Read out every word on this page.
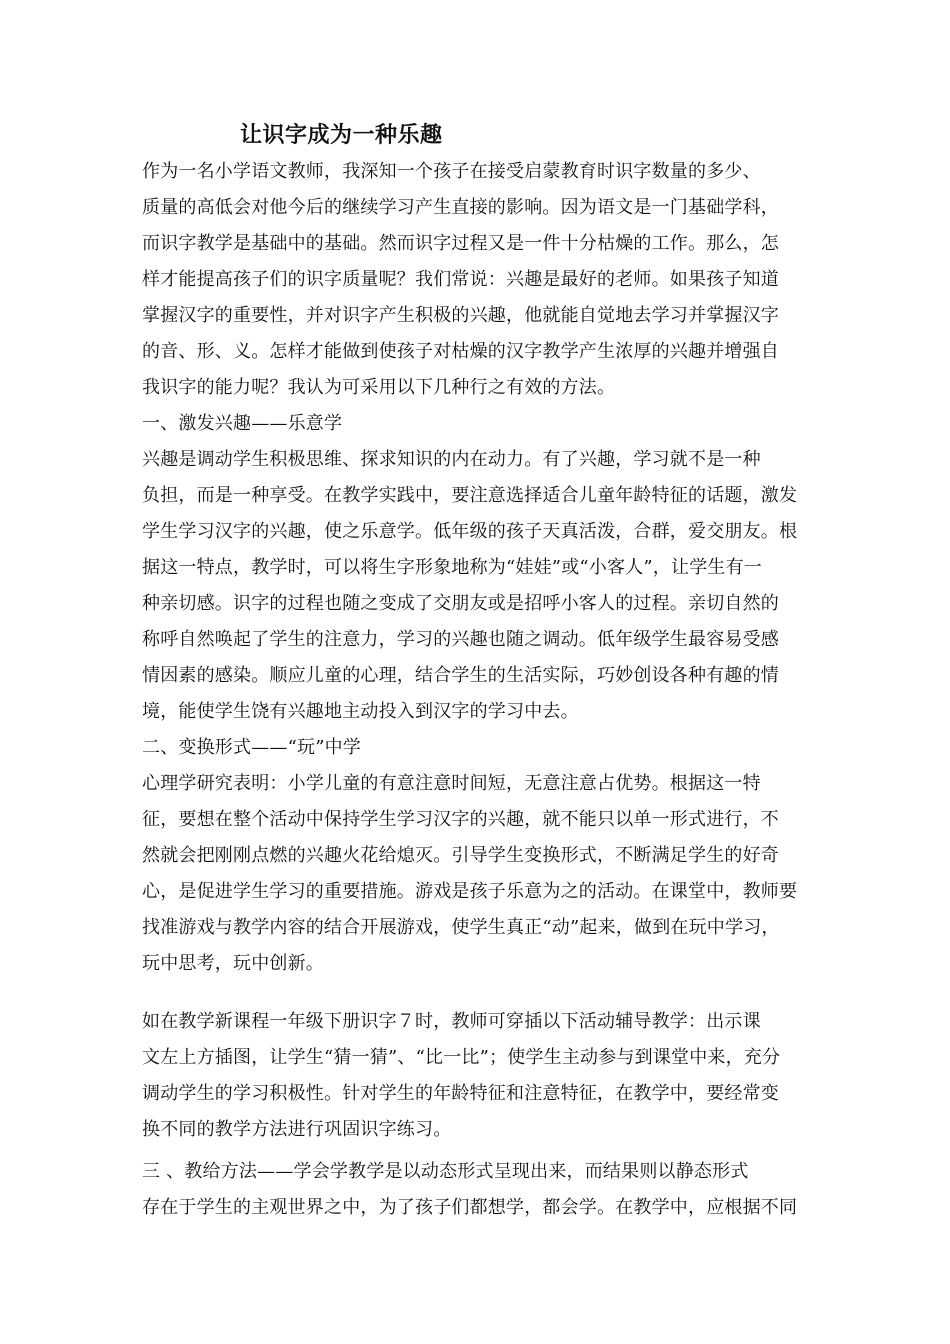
让识字成为一种乐趣
作为一名小学语文教师，我深知一个孩子在接受启蒙教育时识字数量的多少、
质量的高低会对他今后的继续学习产生直接的影响。因为语文是一门基础学科，
而识字教学是基础中的基础。然而识字过程又是一件十分枯燥的工作。那么，怎
样才能提高孩子们的识字质量呢？我们常说：兴趣是最好的老师。如果孩子知道
掌握汉字的重要性，并对识字产生积极的兴趣，他就能自觉地去学习并掌握汉字
的音、形、义。怎样才能做到使孩子对枯燥的汉字教学产生浓厚的兴趣并增强自
我识字的能力呢？我认为可采用以下几种行之有效的方法。
一、激发兴趣——乐意学
兴趣是调动学生积极思维、探求知识的内在动力。有了兴趣，学习就不是一种
负担，而是一种享受。在教学实践中，要注意选择适合儿童年龄特征的话题，激发
学生学习汉字的兴趣，使之乐意学。低年级的孩子天真活泼，合群，爱交朋友。根
据这一特点，教学时，可以将生字形象地称为“娃娃”或“小客人”，让学生有一
种亲切感。识字的过程也随之变成了交朋友或是招呼小客人的过程。亲切自然的
称呼自然唤起了学生的注意力，学习的兴趣也随之调动。低年级学生最容易受感
情因素的感染。顺应儿童的心理，结合学生的生活实际，巧妙创设各种有趣的情
境，能使学生饶有兴趣地主动投入到汉字的学习中去。
二、变换形式——“玩”中学
心理学研究表明：小学儿童的有意注意时间短，无意注意占优势。根据这一特
征，要想在整个活动中保持学生学习汉字的兴趣，就不能只以单一形式进行，不
然就会把刚刚点燃的兴趣火花给熄灭。引导学生变换形式，不断满足学生的好奇
心，是促进学生学习的重要措施。游戏是孩子乐意为之的活动。在课堂中，教师要
找准游戏与教学内容的结合开展游戏，使学生真正“动”起来，做到在玩中学习，
玩中思考，玩中创新。
如在教学新课程一年级下册识字７时，教师可穿插以下活动辅导教学：出示课
文左上方插图，让学生“猜一猜”、“比一比”；使学生主动参与到课堂中来，充分
调动学生的学习积极性。针对学生的年龄特征和注意特征，在教学中，要经常变
换不同的教学方法进行巩固识字练习。
三 、教给方法——学会学教学是以动态形式呈现出来，而结果则以静态形式
存在于学生的主观世界之中，为了孩子们都想学，都会学。在教学中，应根据不同
